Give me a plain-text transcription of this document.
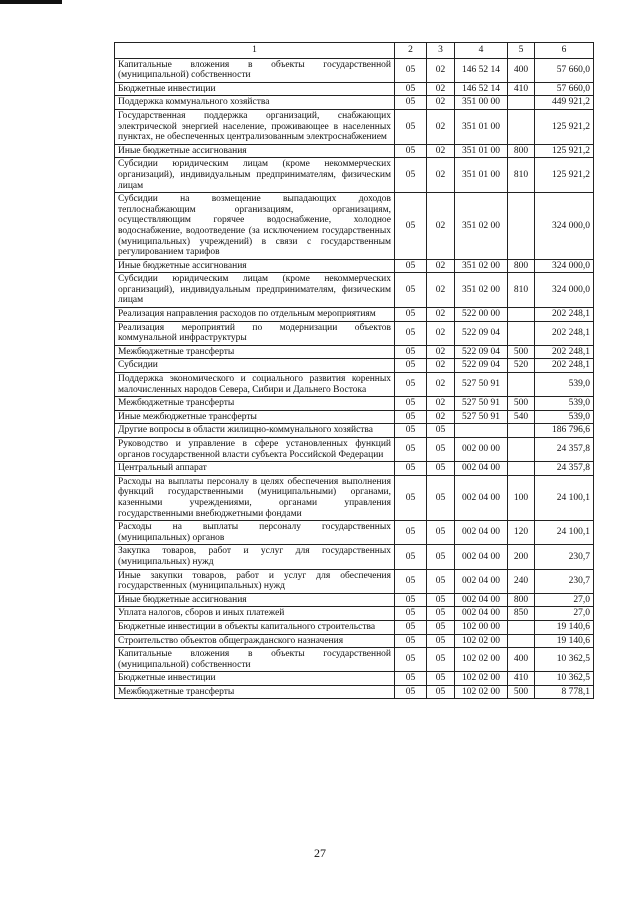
1	2	3	4	5	6
Капитальные вложения в объекты государственной (муниципальной) собственности	05	02	146 52 14	400	57 660,0
Бюджетные инвестиции	05	02	146 52 14	410	57 660,0
Поддержка коммунального хозяйства	05	02	351 00 00		449 921,2
Государственная поддержка организаций, снабжающих электрической энергией население, проживающее в населенных пунктах, не обеспеченных централизованным электроснабжением	05	02	351 01 00		125 921,2
Иные бюджетные ассигнования	05	02	351 01 00	800	125 921,2
Субсидии юридическим лицам (кроме некоммерческих организаций), индивидуальным предпринимателям, физическим лицам	05	02	351 01 00	810	125 921,2
Субсидии на возмещение выпадающих доходов теплоснабжающим организациям, организациям, осуществляющим горячее водоснабжение, холодное водоснабжение, водоотведение (за исключением государственных (муниципальных) учреждений) в связи с государственным регулированием тарифов	05	02	351 02 00		324 000,0
Иные бюджетные ассигнования	05	02	351 02 00	800	324 000,0
Субсидии юридическим лицам (кроме некоммерческих организаций), индивидуальным предпринимателям, физическим лицам	05	02	351 02 00	810	324 000,0
Реализация направления расходов по отдельным мероприятиям	05	02	522 00 00		202 248,1
Реализация мероприятий по модернизации объектов коммунальной инфраструктуры	05	02	522 09 04		202 248,1
Межбюджетные трансферты	05	02	522 09 04	500	202 248,1
Субсидии	05	02	522 09 04	520	202 248,1
Поддержка экономического и социального развития коренных малочисленных народов Севера, Сибири и Дальнего Востока	05	02	527 50 91		539,0
Межбюджетные трансферты	05	02	527 50 91	500	539,0
Иные межбюджетные трансферты	05	02	527 50 91	540	539,0
Другие вопросы в области жилищно-коммунального хозяйства	05	05			186 796,6
Руководство и управление в сфере установленных функций органов государственной власти субъекта Российской Федерации	05	05	002 00 00		24 357,8
Центральный аппарат	05	05	002 04 00		24 357,8
Расходы на выплаты персоналу в целях обеспечения выполнения функций государственными (муниципальными) органами, казенными учреждениями, органами управления государственными внебюджетными фондами	05	05	002 04 00	100	24 100,1
Расходы на выплаты персоналу государственных (муниципальных) органов	05	05	002 04 00	120	24 100,1
Закупка товаров, работ и услуг для государственных (муниципальных) нужд	05	05	002 04 00	200	230,7
Иные закупки товаров, работ и услуг для обеспечения государственных (муниципальных) нужд	05	05	002 04 00	240	230,7
Иные бюджетные ассигнования	05	05	002 04 00	800	27,0
Уплата налогов, сборов и иных платежей	05	05	002 04 00	850	27,0
Бюджетные инвестиции в объекты капитального строительства	05	05	102 00 00		19 140,6
Строительство объектов общегражданского назначения	05	05	102 02 00		19 140,6
Капитальные вложения в объекты государственной (муниципальной) собственности	05	05	102 02 00	400	10 362,5
Бюджетные инвестиции	05	05	102 02 00	410	10 362,5
Межбюджетные трансферты	05	05	102 02 00	500	8 778,1
27
